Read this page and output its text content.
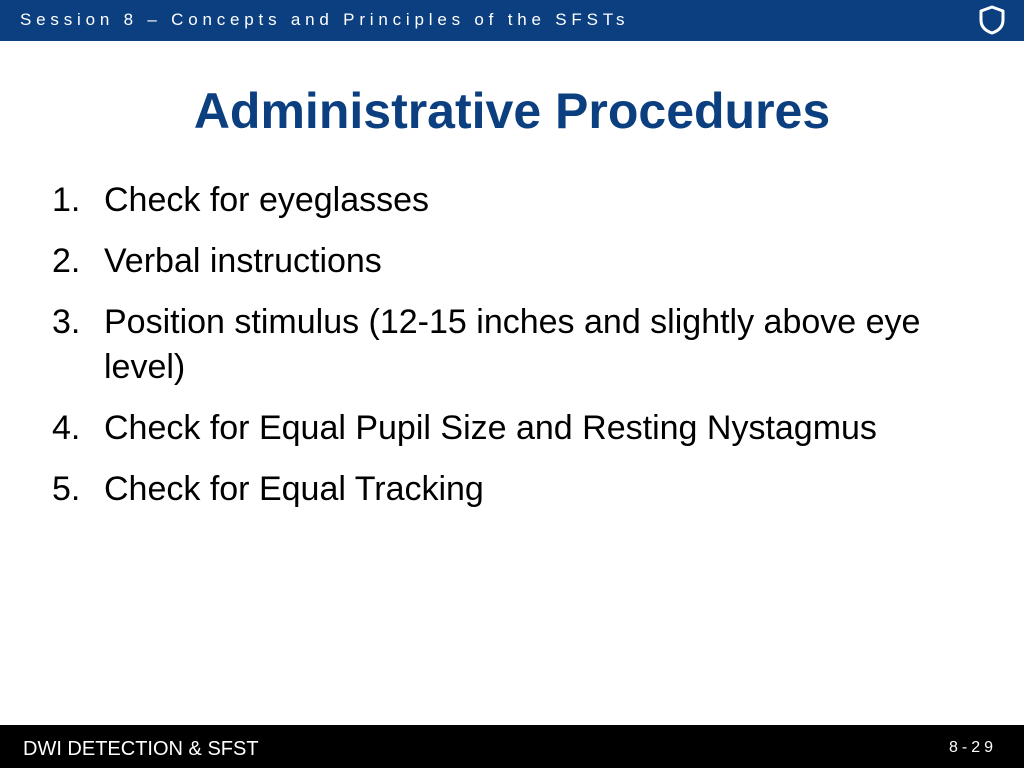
Session 8 – Concepts and Principles of the SFSTs
Administrative Procedures
1. Check for eyeglasses
2. Verbal instructions
3. Position stimulus (12-15 inches and slightly above eye level)
4. Check for Equal Pupil Size and Resting Nystagmus
5. Check for Equal Tracking
DWI DETECTION & SFST	8-29
